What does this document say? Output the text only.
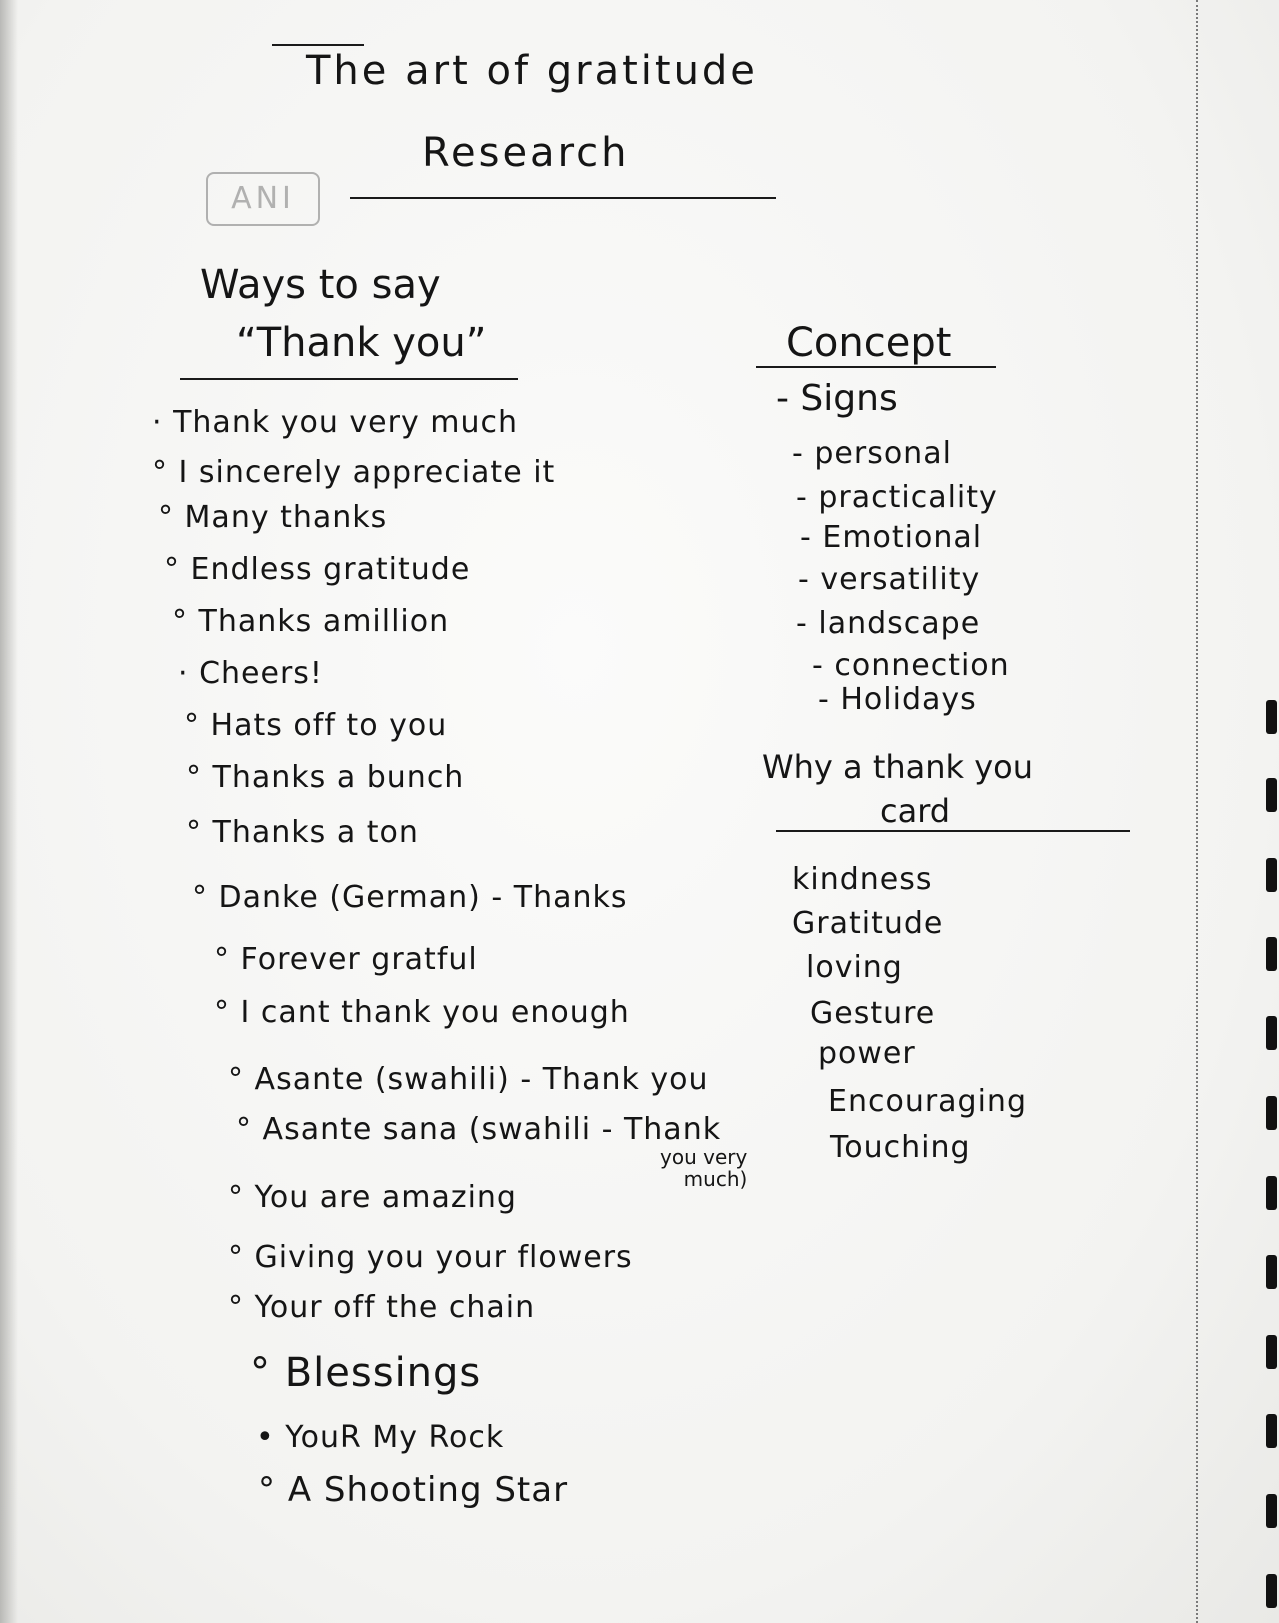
The art of gratitude
Research
ANI
Ways to say
“Thank you”
· Thank you very much
° I sincerely appreciate it
° Many thanks
° Endless gratitude
° Thanks amillion
· Cheers!
° Hats off to you
° Thanks a bunch
° Thanks a ton
° Danke (German) - Thanks
° Forever gratful
° I cant thank you enough
° Asante (swahili) - Thank you
° Asante sana (swahili - Thank
you very
much)
° You are amazing
° Giving you your flowers
° Your off the chain
° Blessings
• YouR My Rock
° A Shooting Star
Concept
- Signs
- personal
- practicality
- Emotional
- versatility
- landscape
- connection
- Holidays
Why a thank you
card
kindness
Gratitude
loving
Gesture
power
Encouraging
Touching
